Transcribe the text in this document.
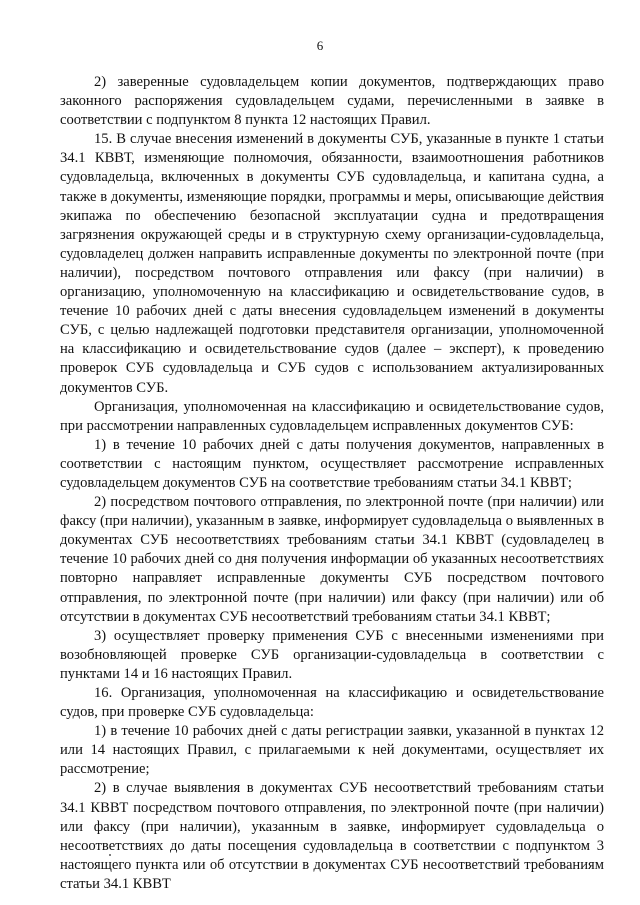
6

2) заверенные судовладельцем копии документов, подтверждающих право законного распоряжения судовладельцем судами, перечисленными в заявке в соответствии с подпунктом 8 пункта 12 настоящих Правил.

15. В случае внесения изменений в документы СУБ, указанные в пункте 1 статьи 34.1 КВВТ, изменяющие полномочия, обязанности, взаимоотношения работников судовладельца, включенных в документы СУБ судовладельца, и капитана судна, а также в документы, изменяющие порядки, программы и меры, описывающие действия экипажа по обеспечению безопасной эксплуатации судна и предотвращения загрязнения окружающей среды и в структурную схему организации-судовладельца, судовладелец должен направить исправленные документы по электронной почте (при наличии), посредством почтового отправления или факсу (при наличии) в организацию, уполномоченную на классификацию и освидетельствование судов, в течение 10 рабочих дней с даты внесения судовладельцем изменений в документы СУБ, с целью надлежащей подготовки представителя организации, уполномоченной на классификацию и освидетельствование судов (далее – эксперт), к проведению проверок СУБ судовладельца и СУБ судов с использованием актуализированных документов СУБ.

Организация, уполномоченная на классификацию и освидетельствование судов, при рассмотрении направленных судовладельцем исправленных документов СУБ:

1) в течение 10 рабочих дней с даты получения документов, направленных в соответствии с настоящим пунктом, осуществляет рассмотрение исправленных судовладельцем документов СУБ на соответствие требованиям статьи 34.1 КВВТ;

2) посредством почтового отправления, по электронной почте (при наличии) или факсу (при наличии), указанным в заявке, информирует судовладельца о выявленных в документах СУБ несоответствиях требованиям статьи 34.1 КВВТ (судовладелец в течение 10 рабочих дней со дня получения информации об указанных несоответствиях повторно направляет исправленные документы СУБ посредством почтового отправления, по электронной почте (при наличии) или факсу (при наличии) или об отсутствии в документах СУБ несоответствий требованиям статьи 34.1 КВВТ;

3) осуществляет проверку применения СУБ с внесенными изменениями при возобновляющей проверке СУБ организации-судовладельца в соответствии с пунктами 14 и 16 настоящих Правил.

16. Организация, уполномоченная на классификацию и освидетельствование судов, при проверке СУБ судовладельца:

1) в течение 10 рабочих дней с даты регистрации заявки, указанной в пунктах 12 или 14 настоящих Правил, с прилагаемыми к ней документами, осуществляет их рассмотрение;

2) в случае выявления в документах СУБ несоответствий требованиям статьи 34.1 КВВТ посредством почтового отправления, по электронной почте (при наличии) или факсу (при наличии), указанным в заявке, информирует судовладельца о несоответствиях до даты посещения судовладельца в соответствии с подпунктом 3 настоящего пункта или об отсутствии в документах СУБ несоответствий требованиям статьи 34.1 КВВТ
